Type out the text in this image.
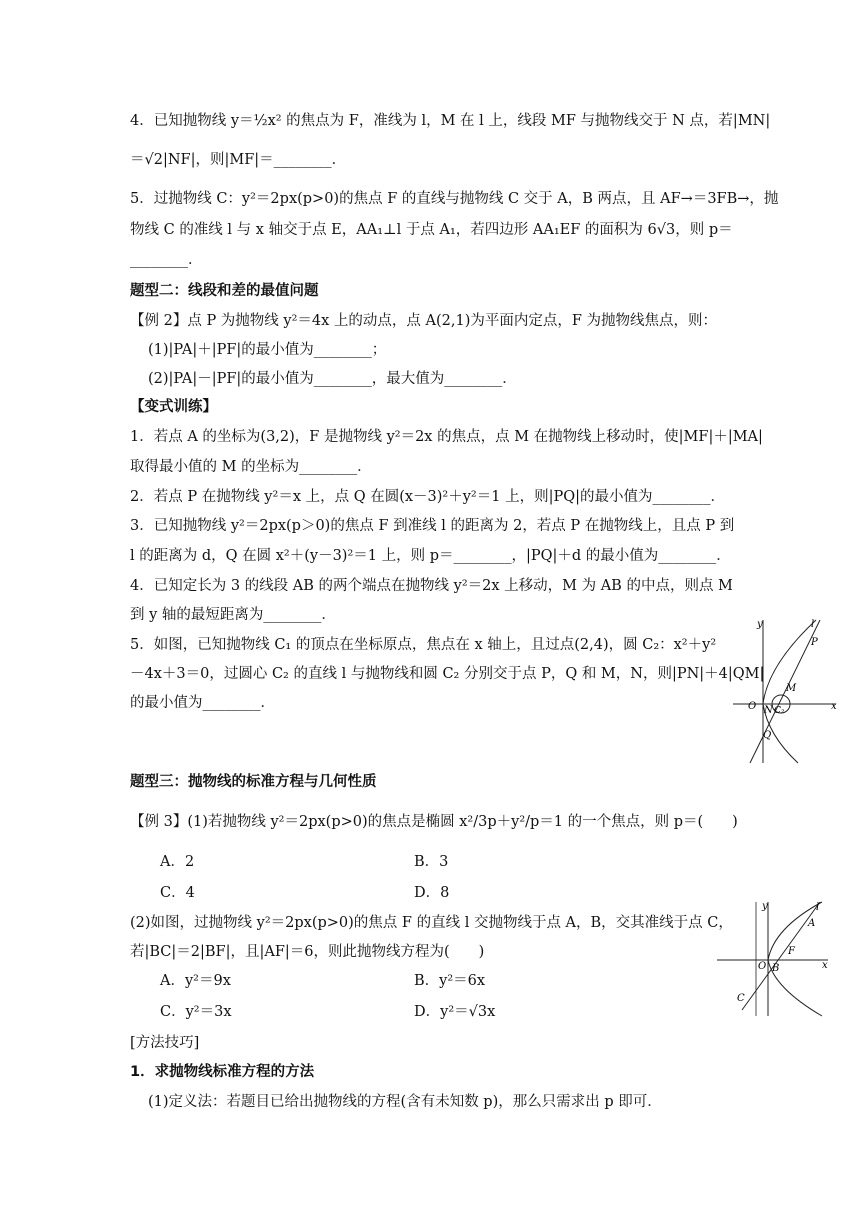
4．已知抛物线 y＝½x² 的焦点为 F，准线为 l，M 在 l 上，线段 MF 与抛物线交于 N 点，若|MN|
＝√2|NF|，则|MF|＝________．
5．过抛物线 C：y²＝2px(p>0)的焦点 F 的直线与抛物线 C 交于 A，B 两点，且 AF→＝3FB→，抛
物线 C 的准线 l 与 x 轴交于点 E，AA₁⊥l 于点 A₁，若四边形 AA₁EF 的面积为 6√3，则 p＝
________．
题型二：线段和差的最值问题
【例 2】点 P 为抛物线 y²＝4x 上的动点，点 A(2,1)为平面内定点，F 为抛物线焦点，则：
(1)|PA|＋|PF|的最小值为________；
(2)|PA|－|PF|的最小值为________，最大值为________．
【变式训练】
1．若点 A 的坐标为(3,2)，F 是抛物线 y²＝2x 的焦点，点 M 在抛物线上移动时，使|MF|＋|MA|
取得最小值的 M 的坐标为________．
2．若点 P 在抛物线 y²＝x 上，点 Q 在圆(x－3)²＋y²＝1 上，则|PQ|的最小值为________．
3．已知抛物线 y²＝2px(p＞0)的焦点 F 到准线 l 的距离为 2，若点 P 在抛物线上，且点 P 到
l 的距离为 d，Q 在圆 x²＋(y－3)²＝1 上，则 p＝________，|PQ|＋d 的最小值为________．
4．已知定长为 3 的线段 AB 的两个端点在抛物线 y²＝2x 上移动，M 为 AB 的中点，则点 M
到 y 轴的最短距离为________．
5．如图，已知抛物线 C₁ 的顶点在坐标原点，焦点在 x 轴上，且过点(2,4)，圆 C₂：x²＋y²
－4x＋3＝0，过圆心 C₂ 的直线 l 与抛物线和圆 C₂ 分别交于点 P，Q 和 M，N，则|PN|＋4|QM|
的最小值为________．
题型三：抛物线的标准方程与几何性质
【例 3】(1)若抛物线 y²＝2px(p>0)的焦点是椭圆 x²/3p＋y²/p＝1 的一个焦点，则 p＝(　　)
A．2	B．3
C．4	D．8
(2)如图，过抛物线 y²＝2px(p>0)的焦点 F 的直线 l 交抛物线于点 A，B，交其准线于点 C，
若|BC|＝2|BF|，且|AF|＝6，则此抛物线方程为(　　)
A．y²＝9x	B．y²＝6x
C．y²＝3x	D．y²＝√3x
[方法技巧]
1．求抛物线标准方程的方法
(1)定义法：若题目已给出抛物线的方程(含有未知数 p)，那么只需求出 p 即可．
y	l
P
M
O N C₂	x
Q
y	l
A
F
O B	x
C
